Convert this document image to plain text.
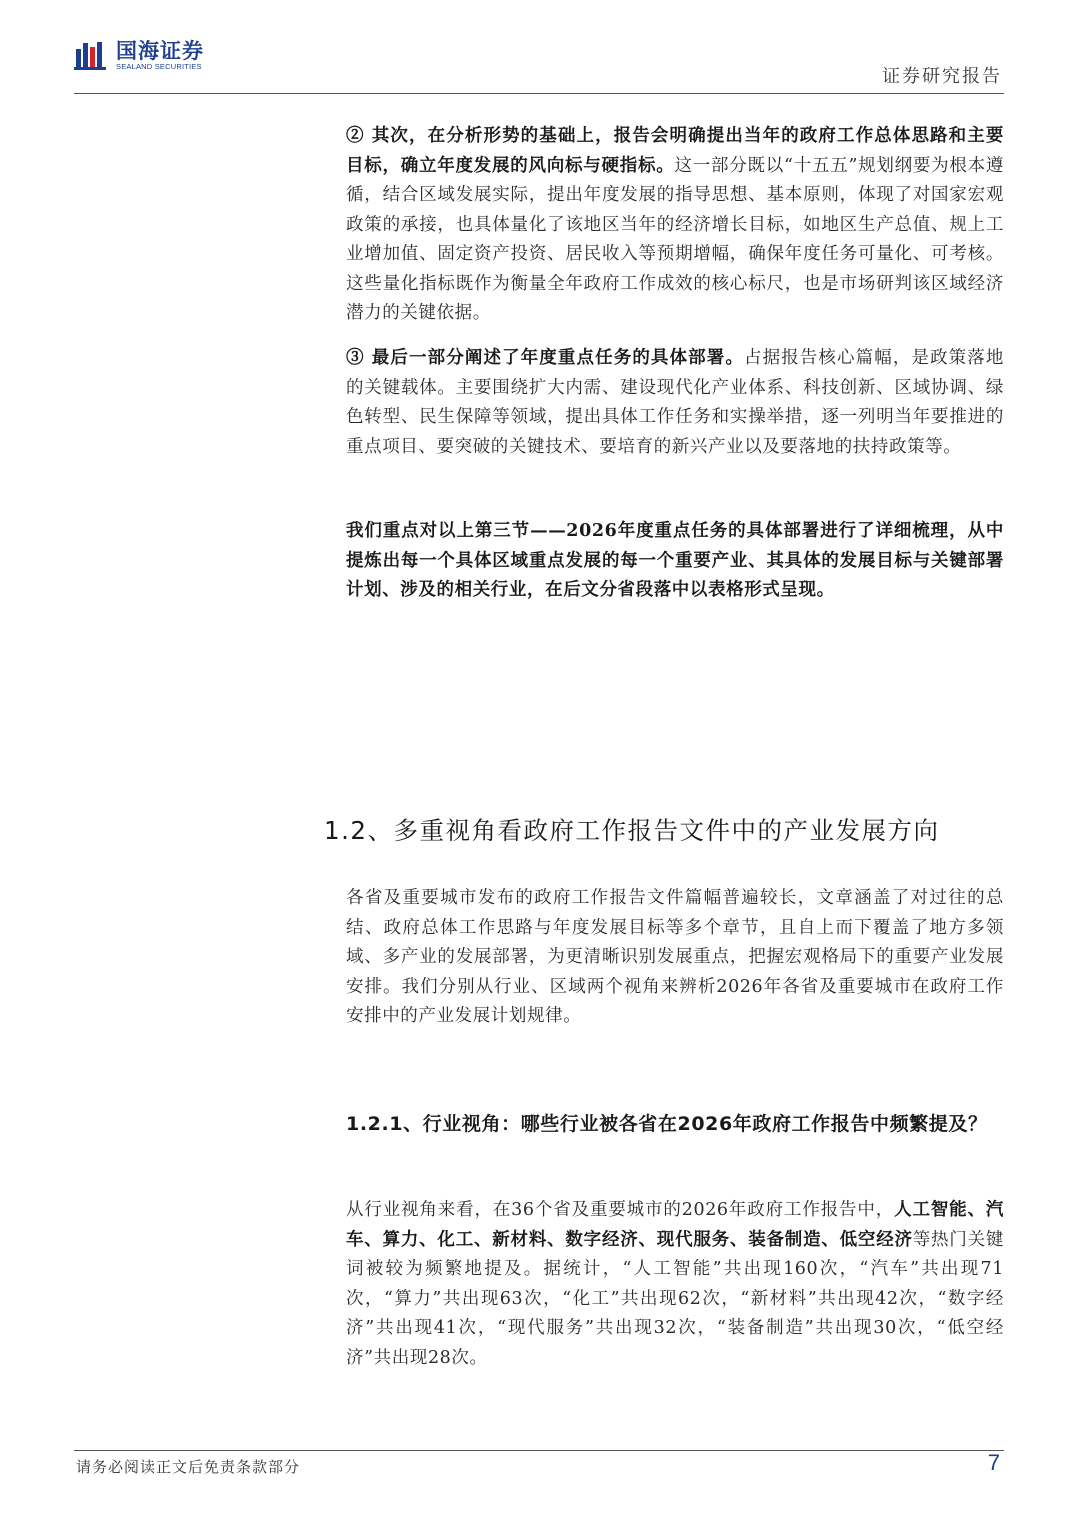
国海证券
SEALAND SECURITIES	证券研究报告

② 其次，在分析形势的基础上，报告会明确提出当年的政府工作总体思路和主要目标，确立年度发展的风向标与硬指标。这一部分既以“十五五”规划纲要为根本遵循，结合区域发展实际，提出年度发展的指导思想、基本原则，体现了对国家宏观政策的承接，也具体量化了该地区当年的经济增长目标，如地区生产总值、规上工业增加值、固定资产投资、居民收入等预期增幅，确保年度任务可量化、可考核。这些量化指标既作为衡量全年政府工作成效的核心标尺，也是市场研判该区域经济潜力的关键依据。

③ 最后一部分阐述了年度重点任务的具体部署。占据报告核心篇幅，是政策落地的关键载体。主要围绕扩大内需、建设现代化产业体系、科技创新、区域协调、绿色转型、民生保障等领域，提出具体工作任务和实操举措，逐一列明当年要推进的重点项目、要突破的关键技术、要培育的新兴产业以及要落地的扶持政策等。

我们重点对以上第三节——2026年度重点任务的具体部署进行了详细梳理，从中提炼出每一个具体区域重点发展的每一个重要产业、其具体的发展目标与关键部署计划、涉及的相关行业，在后文分省段落中以表格形式呈现。

1.2、多重视角看政府工作报告文件中的产业发展方向

各省及重要城市发布的政府工作报告文件篇幅普遍较长，文章涵盖了对过往的总结、政府总体工作思路与年度发展目标等多个章节，且自上而下覆盖了地方多领域、多产业的发展部署，为更清晰识别发展重点，把握宏观格局下的重要产业发展安排。我们分别从行业、区域两个视角来辨析2026年各省及重要城市在政府工作安排中的产业发展计划规律。

1.2.1、行业视角：哪些行业被各省在2026年政府工作报告中频繁提及？

从行业视角来看，在36个省及重要城市的2026年政府工作报告中，人工智能、汽车、算力、化工、新材料、数字经济、现代服务、装备制造、低空经济等热门关键词被较为频繁地提及。据统计，“人工智能”共出现160次，“汽车”共出现71次，“算力”共出现63次，“化工”共出现62次，“新材料”共出现42次，“数字经济”共出现41次，“现代服务”共出现32次，“装备制造”共出现30次，“低空经济”共出现28次。

请务必阅读正文后免责条款部分	7
